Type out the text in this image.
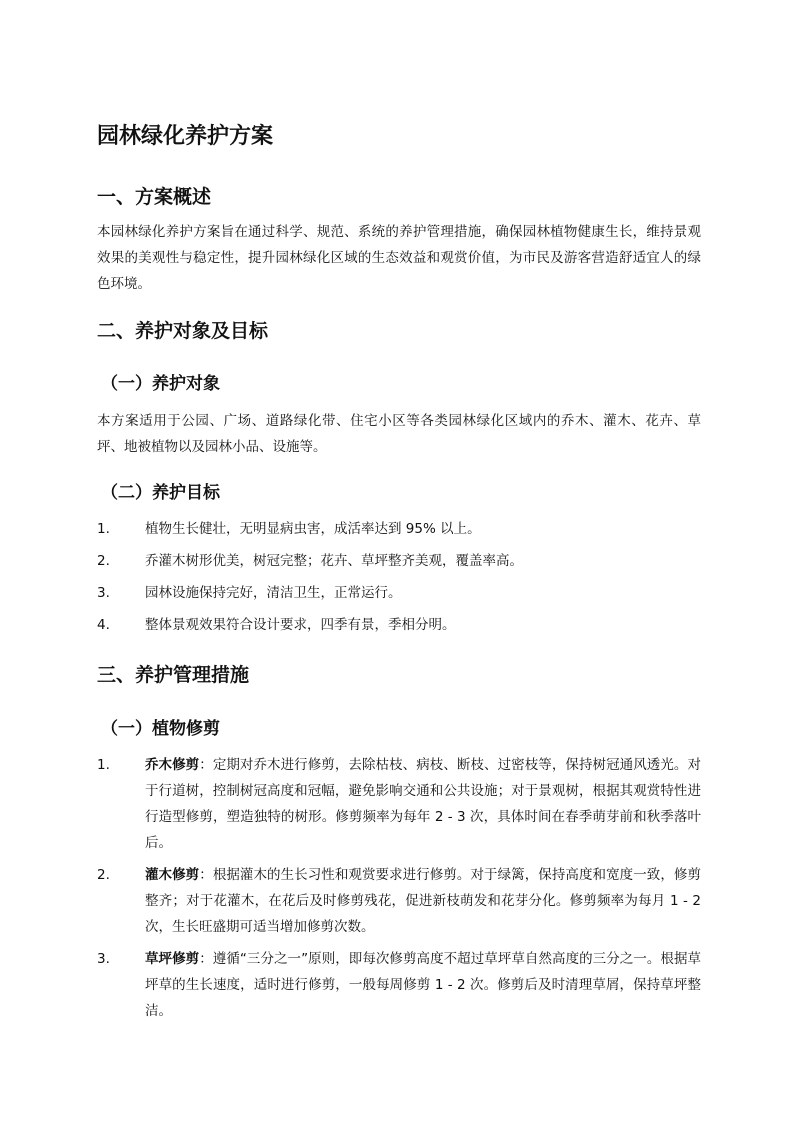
园林绿化养护方案
一、方案概述

本园林绿化养护方案旨在通过科学、规范、系统的养护管理措施，确保园林植物健康生长，维持景观效果的美观性与稳定性，提升园林绿化区域的生态效益和观赏价值，为市民及游客营造舒适宜人的绿色环境。

二、养护对象及目标
（一）养护对象

本方案适用于公园、广场、道路绿化带、住宅小区等各类园林绿化区域内的乔木、灌木、花卉、草坪、地被植物以及园林小品、设施等。

（二）养护目标
1.	植物生长健壮，无明显病虫害，成活率达到 95% 以上。
2.	乔灌木树形优美，树冠完整；花卉、草坪整齐美观，覆盖率高。
3.	园林设施保持完好，清洁卫生，正常运行。
4.	整体景观效果符合设计要求，四季有景，季相分明。
三、养护管理措施
（一）植物修剪
1.	乔木修剪：定期对乔木进行修剪，去除枯枝、病枝、断枝、过密枝等，保持树冠通风透光。对于行道树，控制树冠高度和冠幅，避免影响交通和公共设施；对于景观树，根据其观赏特性进行造型修剪，塑造独特的树形。修剪频率为每年 2 - 3 次，具体时间在春季萌芽前和秋季落叶后。
2.	灌木修剪：根据灌木的生长习性和观赏要求进行修剪。对于绿篱，保持高度和宽度一致，修剪整齐；对于花灌木，在花后及时修剪残花，促进新枝萌发和花芽分化。修剪频率为每月 1 - 2 次，生长旺盛期可适当增加修剪次数。
3.	草坪修剪：遵循“三分之一”原则，即每次修剪高度不超过草坪草自然高度的三分之一。根据草坪草的生长速度，适时进行修剪，一般每周修剪 1 - 2 次。修剪后及时清理草屑，保持草坪整洁。
